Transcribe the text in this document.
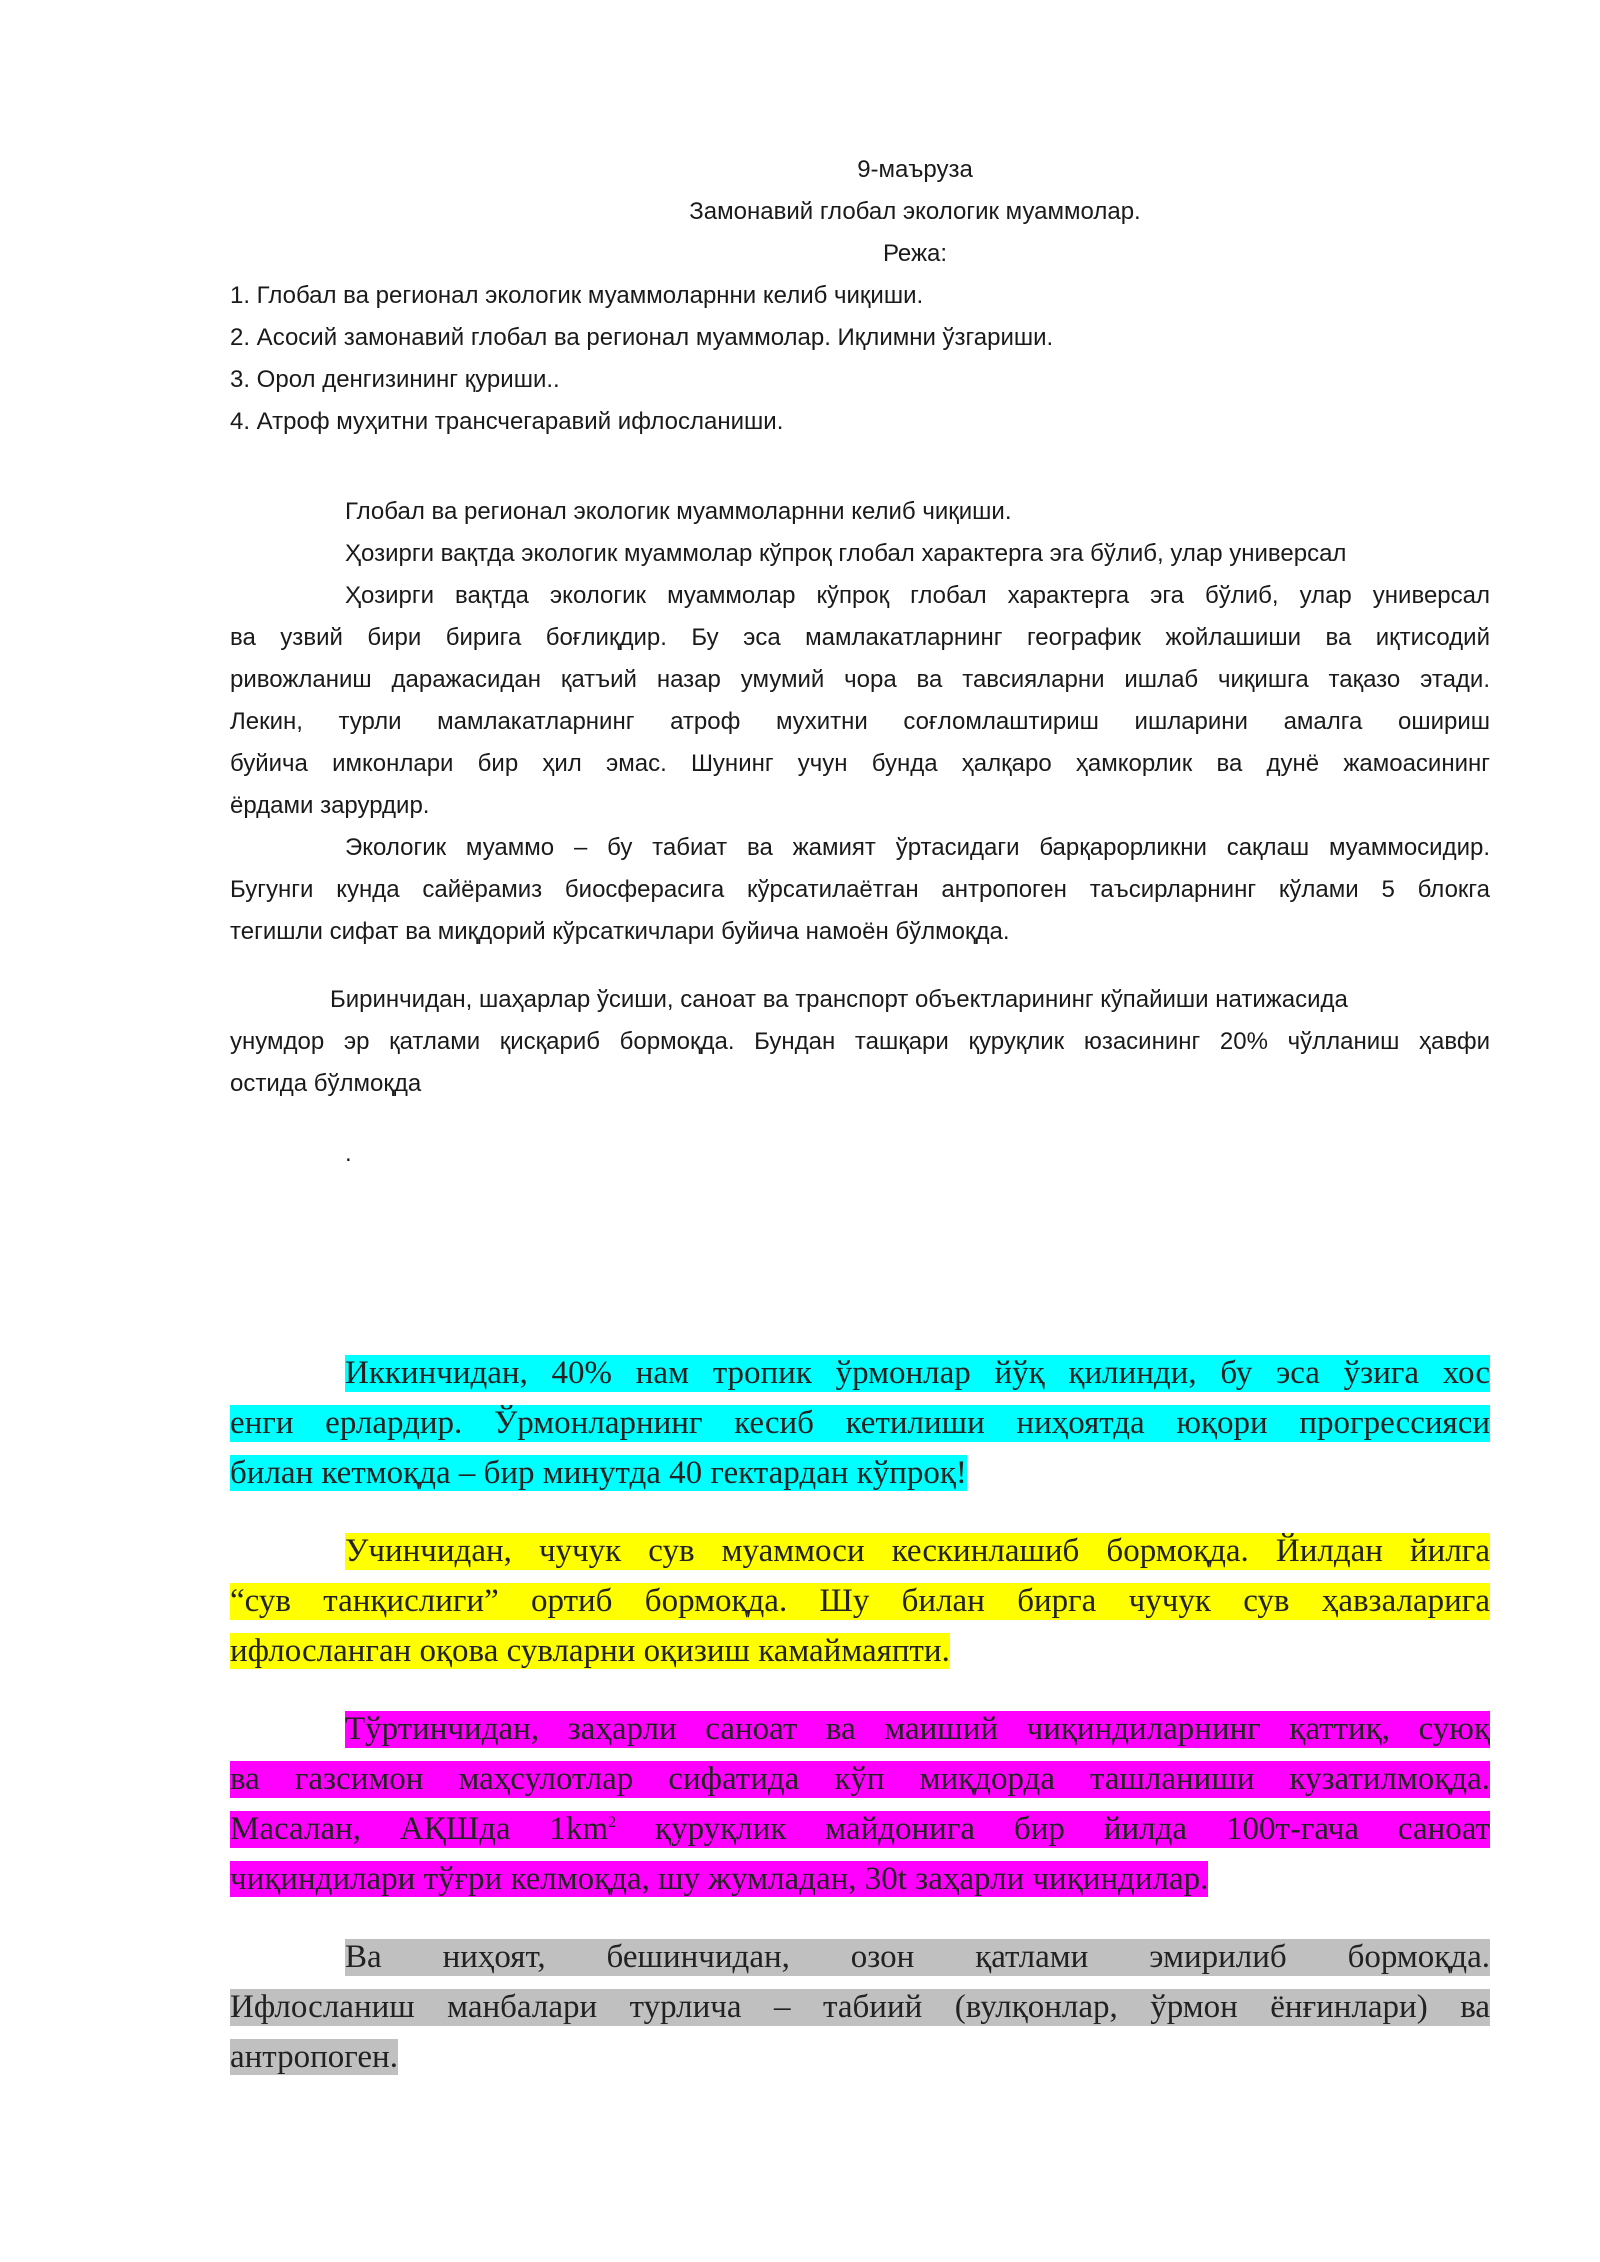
9-маъруза
Замонавий глобал экологик муаммолар.
Режа:
1. Глобал ва регионал экологик муаммоларнни келиб чиқиши.
2. Асосий замонавий глобал ва регионал муаммолар. Иқлимни ўзгариши.
3. Орол денгизининг қуриши..
4. Атроф муҳитни трансчегаравий ифлосланиши.
Глобал ва регионал экологик муаммоларнни келиб чиқиши.
Ҳозирги вақтда экологик муаммолар кўпроқ глобал характерга эга бўлиб, улар универсал
Ҳозирги вақтда экологик муаммолар кўпроқ глобал характерга эга бўлиб, улар универсал
ва узвий бири бирига боғлиқдир. Бу эса мамлакатларнинг географик жойлашиши ва иқтисодий
ривожланиш даражасидан қатъий назар умумий чора ва тавсияларни ишлаб чиқишга тақазо этади.
Лекин, турли мамлакатларнинг атроф мухитни соғломлаштириш ишларини амалга ошириш
буйича имконлари бир ҳил эмас. Шунинг учун бунда ҳалқаро ҳамкорлик ва дунё жамоасининг
ёрдами зарурдир.
Экологик муаммо – бу табиат ва жамият ўртасидаги барқарорликни сақлаш муаммосидир.
Бугунги кунда сайёрамиз биосферасига кўрсатилаётган антропоген таъсирларнинг кўлами 5 блокга
тегишли сифат ва миқдорий кўрсаткичлари буйича намоён бўлмоқда.
Биринчидан, шаҳарлар ўсиши, саноат ва транспорт объектларининг кўпайиши натижасида
унумдор эр қатлами қисқариб бормоқда. Бундан ташқари қуруқлик юзасининг 20% чўлланиш ҳавфи
остида бўлмоқда
.
Иккинчидан, 40% нам тропик ўрмонлар йўқ қилинди, бу эса ўзига хос
енги ерлардир. Ўрмонларнинг кесиб кетилиши ниҳоятда юқори прогрессияси
билан кетмоқда – бир минутда 40 гектардан кўпроқ!
Учинчидан, чучук сув муаммоси кескинлашиб бормоқда. Йилдан йилга
“сув танқислиги” ортиб бормоқда. Шу билан бирга чучук сув ҳавзаларига
ифлосланган оқова сувларни оқизиш камаймаяпти.
Тўртинчидан, заҳарли саноат ва маиший чиқиндиларнинг қаттиқ, суюқ
ва газсимон маҳсулотлар сифатида кўп миқдорда ташланиши кузатилмоқда.
Масалан, АҚШда $1km^2$ қуруқлик майдонига бир йилда 100т-гача саноат
чиқиндилари тўғри келмоқда, шу жумладан, 30t заҳарли чиқиндилар.
Ва ниҳоят, бешинчидан, озон қатлами эмирилиб бормоқда.
Ифлосланиш манбалари турлича – табиий (вулқонлар, ўрмон ёнғинлари) ва
антропоген.
